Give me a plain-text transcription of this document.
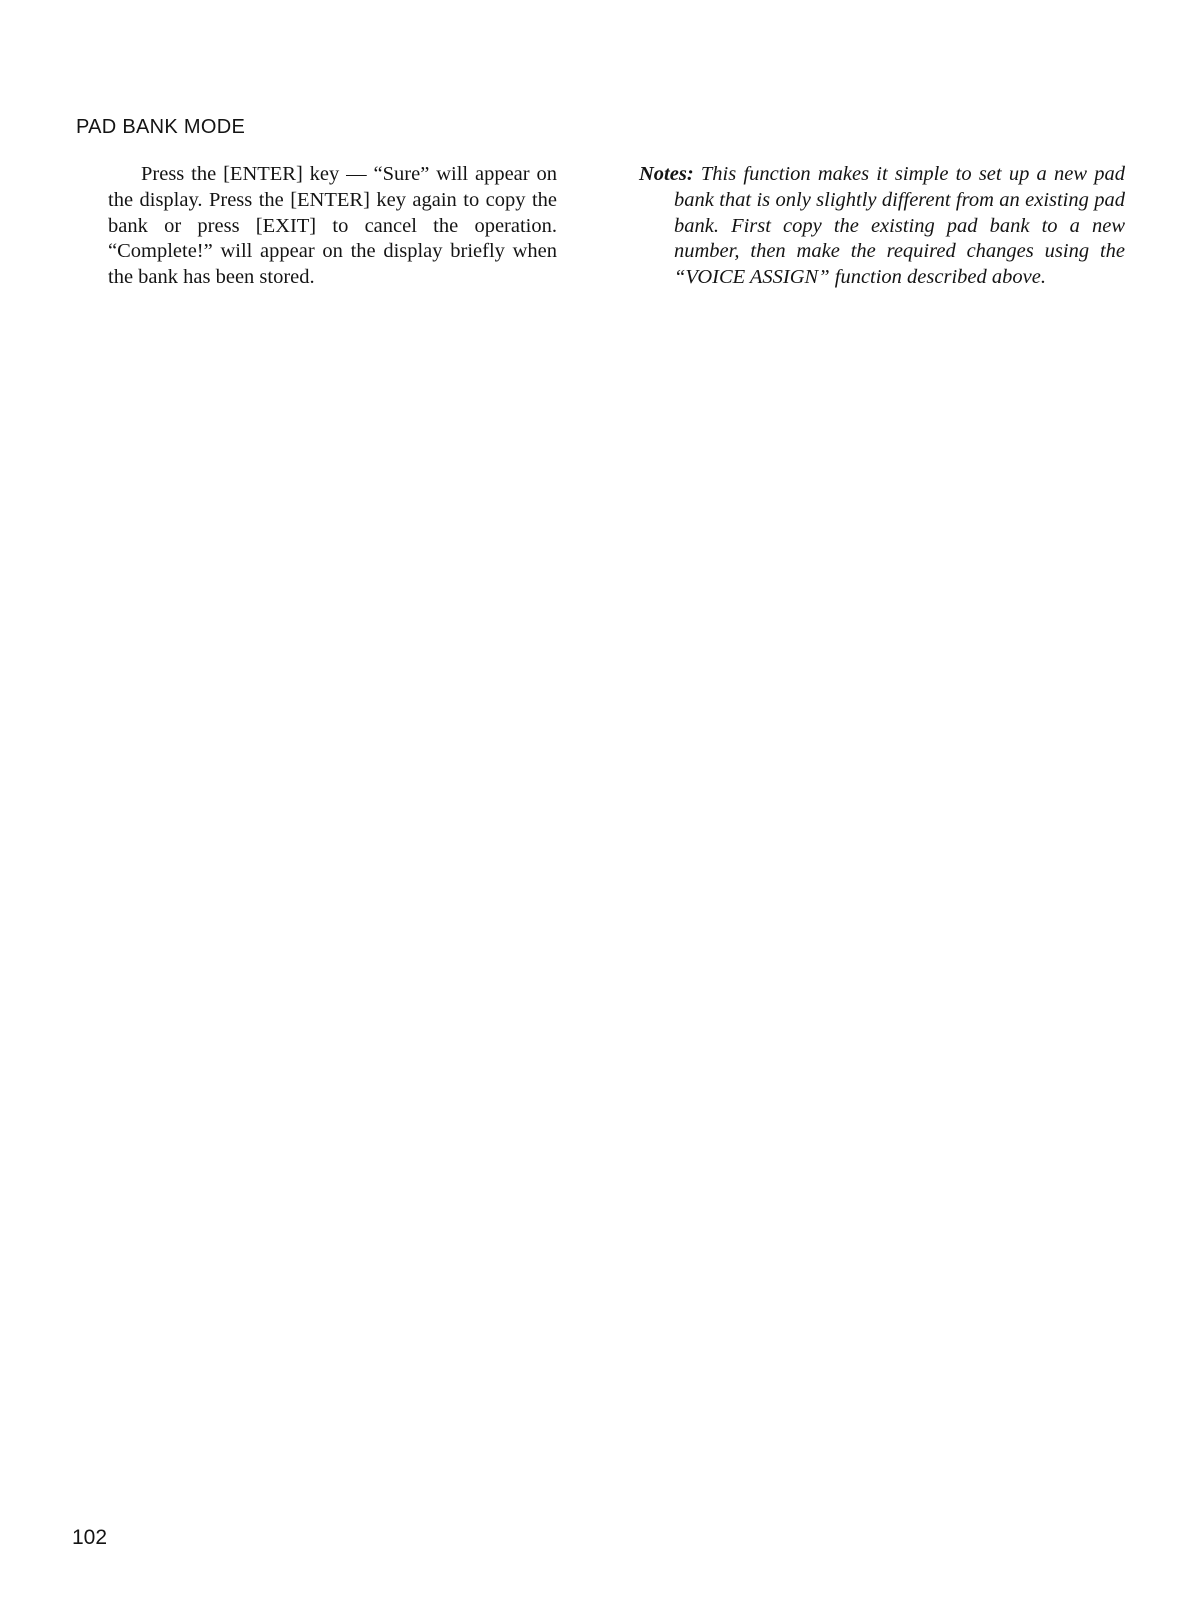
PAD BANK MODE

Press the [ENTER] key — “Sure” will appear on the display. Press the [ENTER] key again to copy the bank or press [EXIT] to cancel the operation. “Complete!” will appear on the display briefly when the bank has been stored.

Notes: This function makes it simple to set up a new pad bank that is only slightly different from an existing pad bank. First copy the existing pad bank to a new number, then make the required changes using the “VOICE ASSIGN” function described above.

102
